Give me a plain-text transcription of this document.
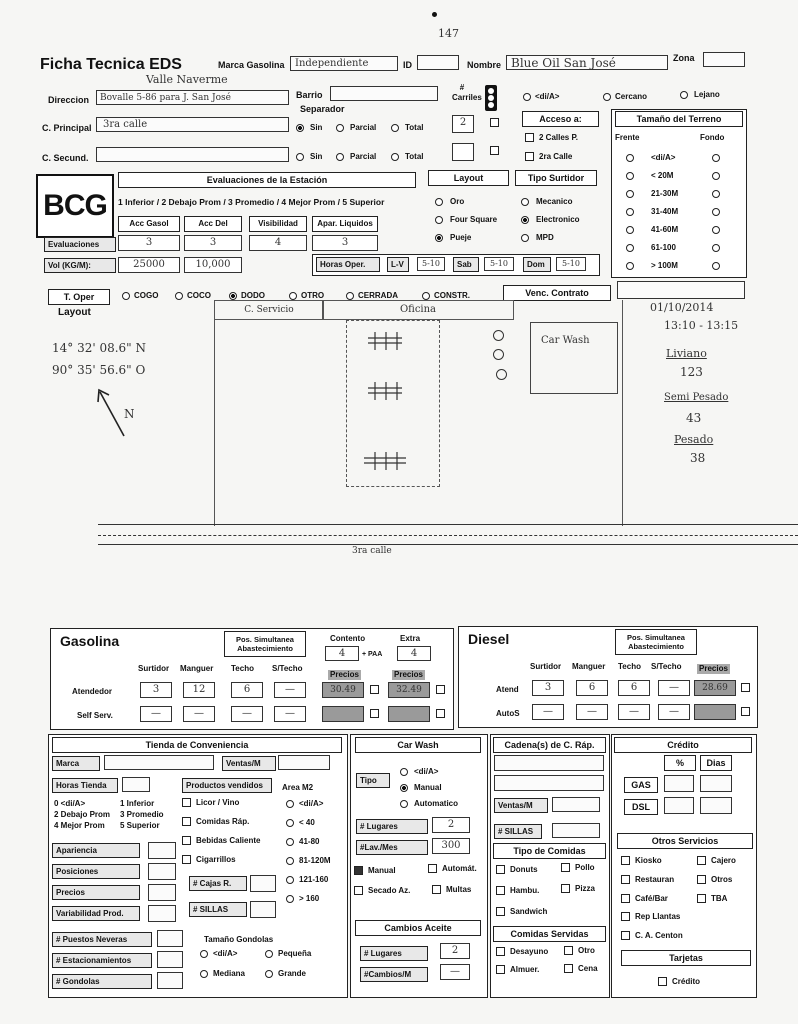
147
Ficha Tecnica EDS	Marca Gasolina Independiente	ID	Nombre Blue Oil San José	Zona
Valle Naverme
Direccion Bovalle 5-86 para J. San José	Barrio
Separador
# Carriles	<di/A>	Cercano	Lejano
C. Principal 3ra calle	Sin	Parcial	Total	2
C. Secund.	Sin	Parcial	Total
Acceso a:
2 Calles P.
2ra Calle
Tamaño del Terreno
Frente	Fondo
<di/A>
< 20M
21-30M
31-40M
41-60M
61-100
> 100M
BCG
Evaluaciones de la Estación
1 Inferior / 2 Debajo Prom / 3 Promedio / 4 Mejor Prom / 5 Superior
Acc Gasol	Acc Del	Visibilidad	Apar. Liquidos
Evaluaciones	3	3	4	3
Vol (KG/M):	25000	10,000	Horas Oper.	L-V	5-10	Sab	5-10	Dom	5-10
Layout
Oro
Four Square
Pueje
Tipo Surtidor
Mecanico
Electronico
MPD
T. Oper	COGO	COCO	DODO	OTRO	CERRADA	CONSTR.	Venc. Contrato
Layout	C. Servicio	Oficina
Car Wash
14° 32' 08.6" N
90° 35' 56.6" O
N
3ra calle
01/10/2014
13:10 - 13:15
Liviano
123
Semi Pesado
43
Pesado
38
Gasolina	Pos. Simultanea Abastecimiento
Contento
4	+ PAA
Extra
4
Surtidor Manguer Techo S/Techo
Precios	Precios
Atendedor	3	12	6	—	30.49	32.49
Self Serv.	—	—	—	—
Diesel	Pos. Simultanea Abastecimiento
Surtidor Manguer Techo S/Techo Precios
Atend	3	6	6	—	28.69
AutoS	—	—	—	—
Tienda de Conveniencia
Marca	Ventas/M
Horas Tienda	Productos vendidos	Area M2
0 <di/A>
2 Debajo Prom
4 Mejor Prom
1 Inferior
3 Promedio
5 Superior
Licor / Vino
Comidas Ráp.
Bebidas Caliente
Cigarrillos
<di/A>
< 40
41-80
81-120M
121-160
> 160
Apariencia
Posiciones
Precios
Variabilidad Prod.
# Cajas R.
# SILLAS
# Puestos Neveras
# Estacionamientos
# Gondolas
Tamaño Gondolas
<di/A>	Pequeña
Mediana	Grande
Car Wash
Tipo
<di/A>
Manual
Automatico
# Lugares	2
#Lav./Mes	300
Manual	Automát.
Secado Az.	Multas
Cambios Aceite
# Lugares	2
#Cambios/M	—
Cadena(s) de C. Ráp.
Ventas/M
# SILLAS
Tipo de Comidas
Donuts	Pollo
Hambu.	Pizza
Sandwich
Comidas Servidas
Desayuno	Otro
Almuer.	Cena
Crédito
%	Dias
GAS
DSL
Otros Servicios
Kiosko	Cajero
Restauran	Otros
Café/Bar	TBA
Rep Llantas
C. A. Centon
Tarjetas
Crédito
